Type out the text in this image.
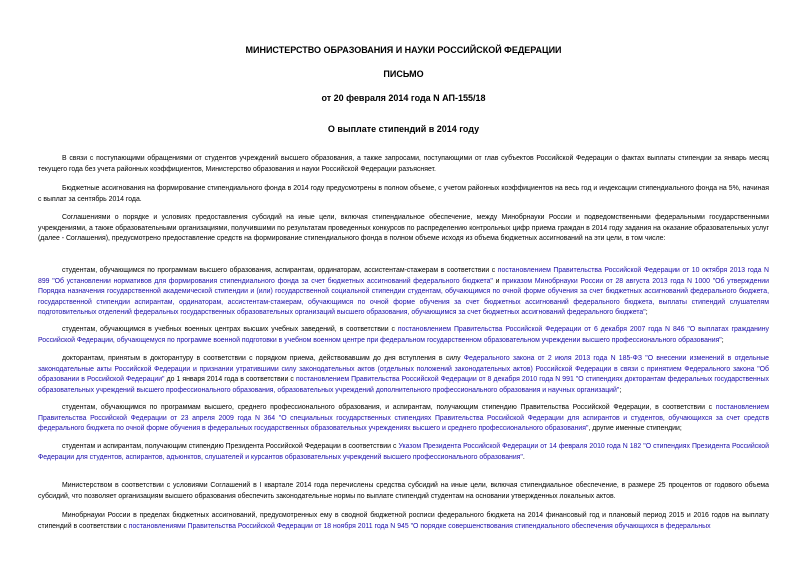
МИНИСТЕРСТВО ОБРАЗОВАНИЯ И НАУКИ РОССИЙСКОЙ ФЕДЕРАЦИИ
ПИСЬМО
от 20 февраля 2014 года N АП-155/18
О выплате стипендий в 2014 году
В связи с поступающими обращениями от студентов учреждений высшего образования, а также запросами, поступающими от глав субъектов Российской Федерации о фактах выплаты стипендии за январь месяц текущего года без учета районных коэффициентов, Министерство образования и науки Российской Федерации разъясняет.
Бюджетные ассигнования на формирование стипендиального фонда в 2014 году предусмотрены в полном объеме, с учетом районных коэффициентов на весь год и индексации стипендиального фонда на 5%, начиная с выплат за сентябрь 2014 года.
Соглашениями о порядке и условиях предоставления субсидий на иные цели, включая стипендиальное обеспечение, между Минобрнауки России и подведомственными федеральными государственными учреждениями, а также образовательными организациями, получившими по результатам проведенных конкурсов по распределению контрольных цифр приема граждан в 2014 году задания на оказание образовательных услуг (далее - Соглашения), предусмотрено предоставление средств на формирование стипендиального фонда в полном объеме исходя из объема бюджетных ассигнований на эти цели, в том числе:
студентам, обучающимся по программам высшего образования, аспирантам, ординаторам, ассистентам-стажерам в соответствии с постановлением Правительства Российской Федерации от 10 октября 2013 года N 899 "Об установлении нормативов для формирования стипендиального фонда за счет бюджетных ассигнований федерального бюджета" и приказом Минобрнауки России от 28 августа 2013 года N 1000 "Об утверждении Порядка назначения государственной академической стипендии и (или) государственной социальной стипендии студентам, обучающимся по очной форме обучения за счет бюджетных ассигнований федерального бюджета, государственной стипендии аспирантам, ординаторам, ассистентам-стажерам, обучающимся по очной форме обучения за счет бюджетных ассигнований федерального бюджета, выплаты стипендий слушателям подготовительных отделений федеральных государственных образовательных организаций высшего образования, обучающимся за счет бюджетных ассигнований федерального бюджета";
студентам, обучающимся в учебных военных центрах высших учебных заведений, в соответствии с постановлением Правительства Российской Федерации от 6 декабря 2007 года N 846 "О выплатах гражданину Российской Федерации, обучающемуся по программе военной подготовки в учебном военном центре при федеральном государственном образовательном учреждении высшего профессионального образования";
докторантам, принятым в докторантуру в соответствии с порядком приема, действовавшим до дня вступления в силу Федерального закона от 2 июля 2013 года N 185-ФЗ "О внесении изменений в отдельные законодательные акты Российской Федерации и признании утратившими силу законодательных актов (отдельных положений законодательных актов) Российской Федерации в связи с принятием Федерального закона "Об образовании в Российской Федерации" до 1 января 2014 года в соответствии с постановлением Правительства Российской Федерации от 8 декабря 2010 года N 991 "О стипендиях докторантам федеральных государственных образовательных учреждений высшего профессионального образования, образовательных учреждений дополнительного профессионального образования и научных организаций";
студентам, обучающимся по программам высшего, среднего профессионального образования, и аспирантам, получающим стипендию Правительства Российской Федерации, в соответствии с постановлением Правительства Российской Федерации от 23 апреля 2009 года N 364 "О специальных государственных стипендиях Правительства Российской Федерации для аспирантов и студентов, обучающихся за счет средств федерального бюджета по очной форме обучения в федеральных государственных образовательных учреждениях высшего и среднего профессионального образования", другие именные стипендии;
студентам и аспирантам, получающим стипендию Президента Российской Федерации в соответствии с Указом Президента Российской Федерации от 14 февраля 2010 года N 182 "О стипендиях Президента Российской Федерации для студентов, аспирантов, адъюнктов, слушателей и курсантов образовательных учреждений высшего профессионального образования".
Министерством в соответствии с условиями Соглашений в I квартале 2014 года перечислены средства субсидий на иные цели, включая стипендиальное обеспечение, в размере 25 процентов от годового объема субсидий, что позволяет организациям высшего образования обеспечить законодательные нормы по выплате стипендий студентам на основании утвержденных локальных актов.
Минобрнауки России в пределах бюджетных ассигнований, предусмотренных ему в сводной бюджетной росписи федерального бюджета на 2014 финансовый год и плановый период 2015 и 2016 годов на выплату стипендий в соответствии с постановлениями Правительства Российской Федерации от 18 ноября 2011 года N 945 "О порядке совершенствования стипендиального обеспечения обучающихся в федеральных
